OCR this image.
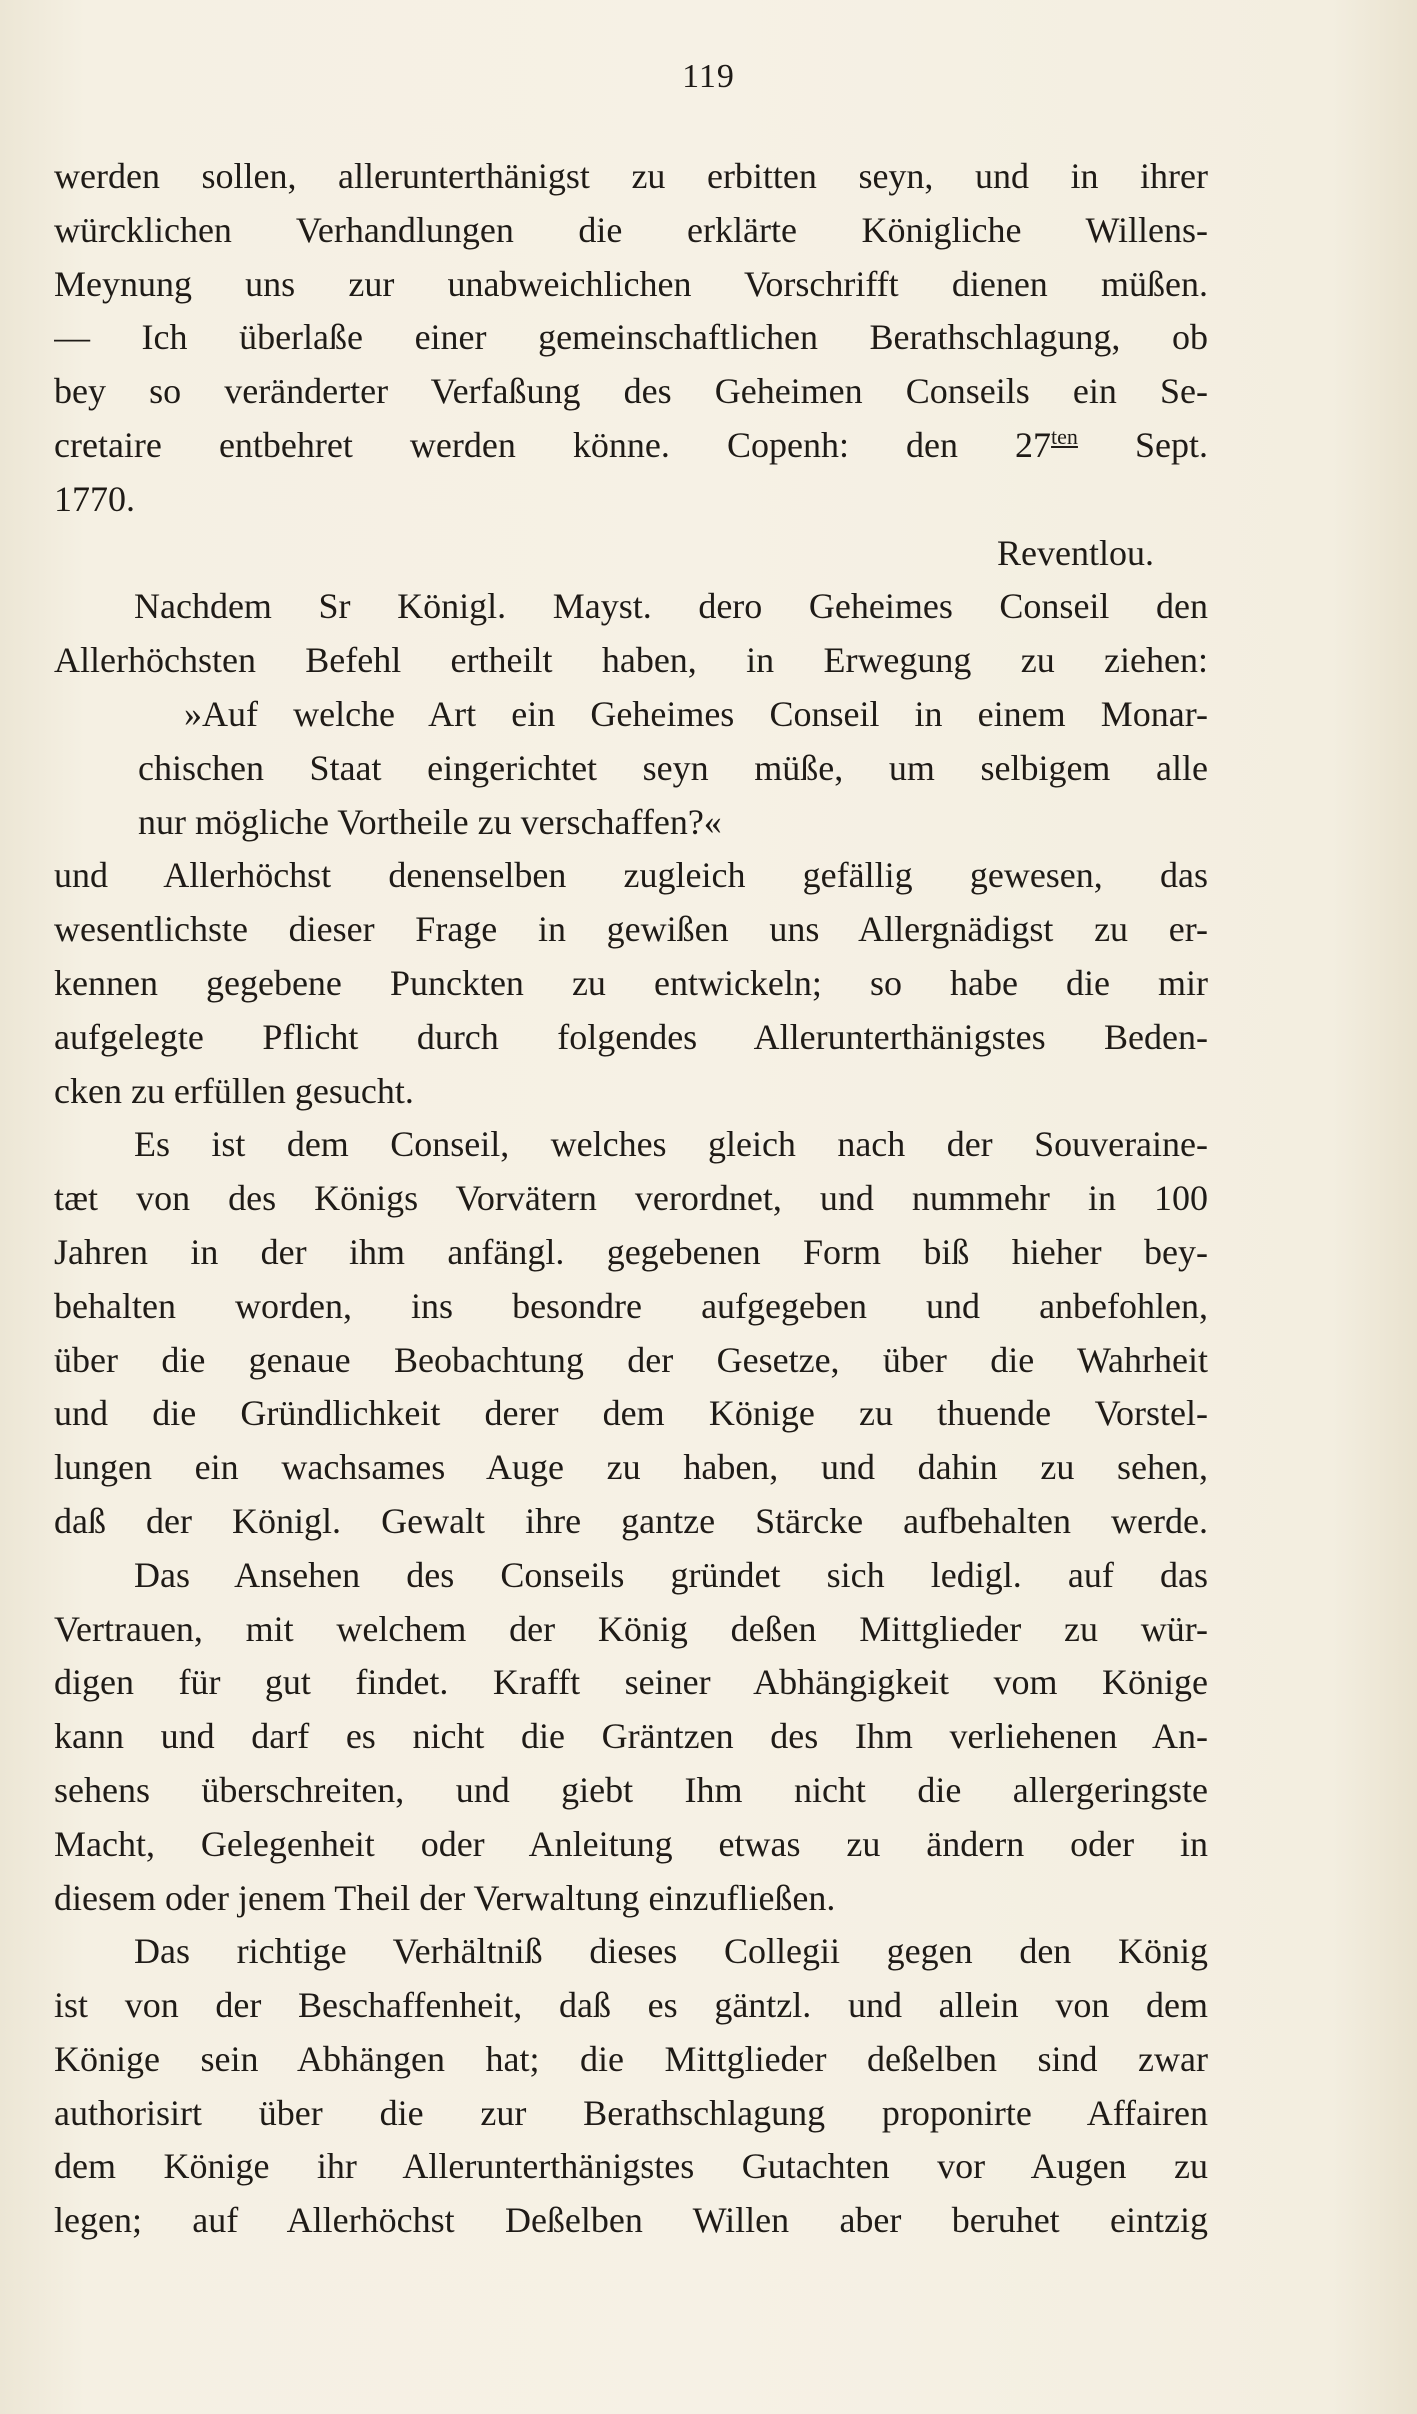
119
werden sollen, allerunterthänigst zu erbitten seyn, und in ihrer
würcklichen Verhandlungen die erklärte Königliche Willens-
Meynung uns zur unabweichlichen Vorschrifft dienen müßen.
— Ich überlaße einer gemeinschaftlichen Berathschlagung, ob
bey so veränderter Verfaßung des Geheimen Conseils ein Se-
cretaire entbehret werden könne. Copenh: den $27^{ten}$ Sept.
1770.
Reventlou.
Nachdem Sr Königl. Mayst. dero Geheimes Conseil den
Allerhöchsten Befehl ertheilt haben, in Erwegung zu ziehen:
»Auf welche Art ein Geheimes Conseil in einem Monar-
chischen Staat eingerichtet seyn müße, um selbigem alle
nur mögliche Vortheile zu verschaffen?«
und Allerhöchst denenselben zugleich gefällig gewesen, das
wesentlichste dieser Frage in gewißen uns Allergnädigst zu er-
kennen gegebene Punckten zu entwickeln; so habe die mir
aufgelegte Pflicht durch folgendes Allerunterthänigstes Beden-
cken zu erfüllen gesucht.
Es ist dem Conseil, welches gleich nach der Souveraine-
tæt von des Königs Vorvätern verordnet, und nummehr in 100
Jahren in der ihm anfängl. gegebenen Form biß hieher bey-
behalten worden, ins besondre aufgegeben und anbefohlen,
über die genaue Beobachtung der Gesetze, über die Wahrheit
und die Gründlichkeit derer dem Könige zu thuende Vorstel-
lungen ein wachsames Auge zu haben, und dahin zu sehen,
daß der Königl. Gewalt ihre gantze Stärcke aufbehalten werde.
Das Ansehen des Conseils gründet sich ledigl. auf das
Vertrauen, mit welchem der König deßen Mittglieder zu wür-
digen für gut findet. Krafft seiner Abhängigkeit vom Könige
kann und darf es nicht die Gräntzen des Ihm verliehenen An-
sehens überschreiten, und giebt Ihm nicht die allergeringste
Macht, Gelegenheit oder Anleitung etwas zu ändern oder in
diesem oder jenem Theil der Verwaltung einzufließen.
Das richtige Verhältniß dieses Collegii gegen den König
ist von der Beschaffenheit, daß es gäntzl. und allein von dem
Könige sein Abhängen hat; die Mittglieder deßelben sind zwar
authorisirt über die zur Berathschlagung proponirte Affairen
dem Könige ihr Allerunterthänigstes Gutachten vor Augen zu
legen; auf Allerhöchst Deßelben Willen aber beruhet eintzig
